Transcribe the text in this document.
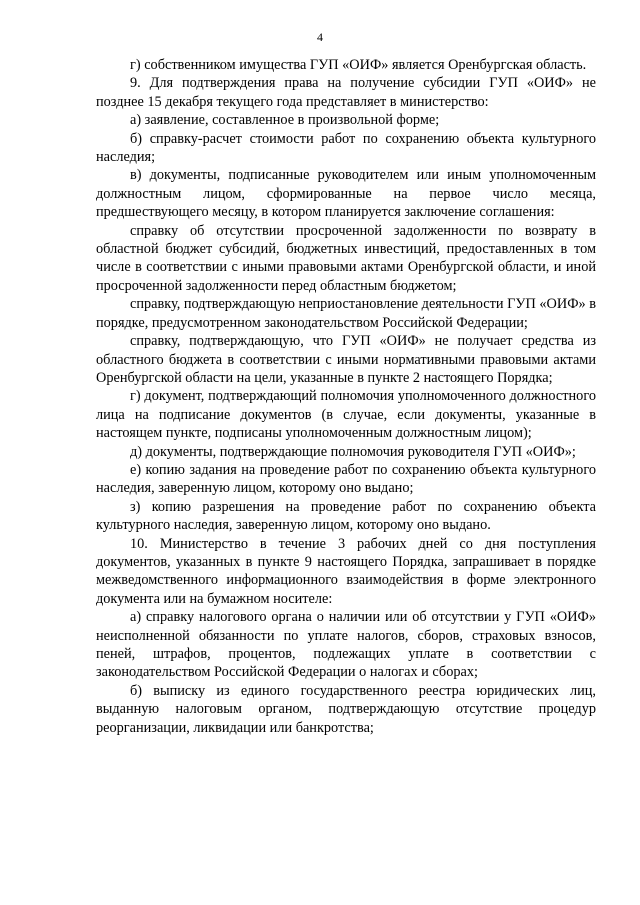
4

г) собственником имущества ГУП «ОИФ» является Оренбургская область.

9. Для подтверждения права на получение субсидии ГУП «ОИФ» не позднее 15 декабря текущего года представляет в министерство:

а) заявление, составленное в произвольной форме;

б) справку-расчет стоимости работ по сохранению объекта культурного наследия;

в) документы, подписанные руководителем или иным уполномоченным должностным лицом, сформированные на первое число месяца, предшествующего месяцу, в котором планируется заключение соглашения:

справку об отсутствии просроченной задолженности по возврату в областной бюджет субсидий, бюджетных инвестиций, предоставленных в том числе в соответствии с иными правовыми актами Оренбургской области, и иной просроченной задолженности перед областным бюджетом;

справку, подтверждающую неприостановление деятельности ГУП «ОИФ» в порядке, предусмотренном законодательством Российской Федерации;

справку, подтверждающую, что ГУП «ОИФ» не получает средства из областного бюджета в соответствии с иными нормативными правовыми актами Оренбургской области на цели, указанные в пункте 2 настоящего Порядка;

г) документ, подтверждающий полномочия уполномоченного должностного лица на подписание документов (в случае, если документы, указанные в настоящем пункте, подписаны уполномоченным должностным лицом);

д) документы, подтверждающие полномочия руководителя ГУП «ОИФ»;

е) копию задания на проведение работ по сохранению объекта культурного наследия, заверенную лицом, которому оно выдано;

з) копию разрешения на проведение работ по сохранению объекта культурного наследия, заверенную лицом, которому оно выдано.

10. Министерство в течение 3 рабочих дней со дня поступления документов, указанных в пункте 9 настоящего Порядка, запрашивает в порядке межведомственного информационного взаимодействия в форме электронного документа или на бумажном носителе:

а) справку налогового органа о наличии или об отсутствии у ГУП «ОИФ» неисполненной обязанности по уплате налогов, сборов, страховых взносов, пеней, штрафов, процентов, подлежащих уплате в соответствии с законодательством Российской Федерации о налогах и сборах;

б) выписку из единого государственного реестра юридических лиц, выданную налоговым органом, подтверждающую отсутствие процедур реорганизации, ликвидации или банкротства;
